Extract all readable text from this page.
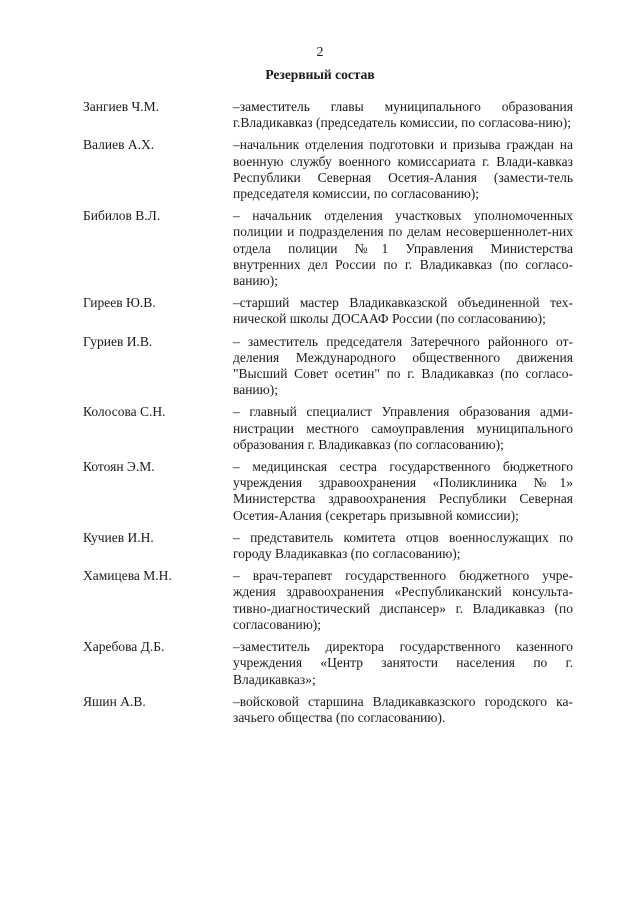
2
Резервный состав
Зангиев Ч.М.	–заместитель главы муниципального образования г.Владикавказ (председатель комиссии, по согласова-нию);
Валиев А.Х.	–начальник отделения подготовки и призыва граждан на военную службу военного комиссариата г. Влади-кавказ Республики Северная Осетия-Алания (замести-тель председателя комиссии, по согласованию);
Бибилов В.Л.	– начальник отделения участковых уполномоченных полиции и подразделения по делам несовершеннолет-них отдела полиции №1 Управления Министерства внутренних дел России по г. Владикавказ (по согласо-ванию);
Гиреев Ю.В.	–старший мастер Владикавказской объединенной тех-нической школы ДОСААФ России (по согласованию);
Гуриев И.В.	– заместитель председателя Затеречного районного от-деления Международного общественного движения "Высший Совет осетин" по г. Владикавказ (по согласо-ванию);
Колосова С.Н.	– главный специалист Управления образования адми-нистрации местного самоуправления муниципального образования г. Владикавказ (по согласованию);
Котоян Э.М.	– медицинская сестра государственного бюджетного учреждения здравоохранения «Поликлиника №1» Министерства здравоохранения Республики Северная Осетия-Алания (секретарь призывной комиссии);
Кучиев И.Н.	– представитель комитета отцов военнослужащих по городу Владикавказ (по согласованию);
Хамицева М.Н.	– врач-терапевт государственного бюджетного учре-ждения здравоохранения «Республиканский консульта-тивно-диагностический диспансер» г. Владикавказ (по согласованию);
Харебова Д.Б.	–заместитель директора государственного казенного учреждения «Центр занятости населения по г. Владикавказ»;
Яшин А.В.	–войсковой старшина Владикавказского городского ка-зачьего общества (по согласованию).
